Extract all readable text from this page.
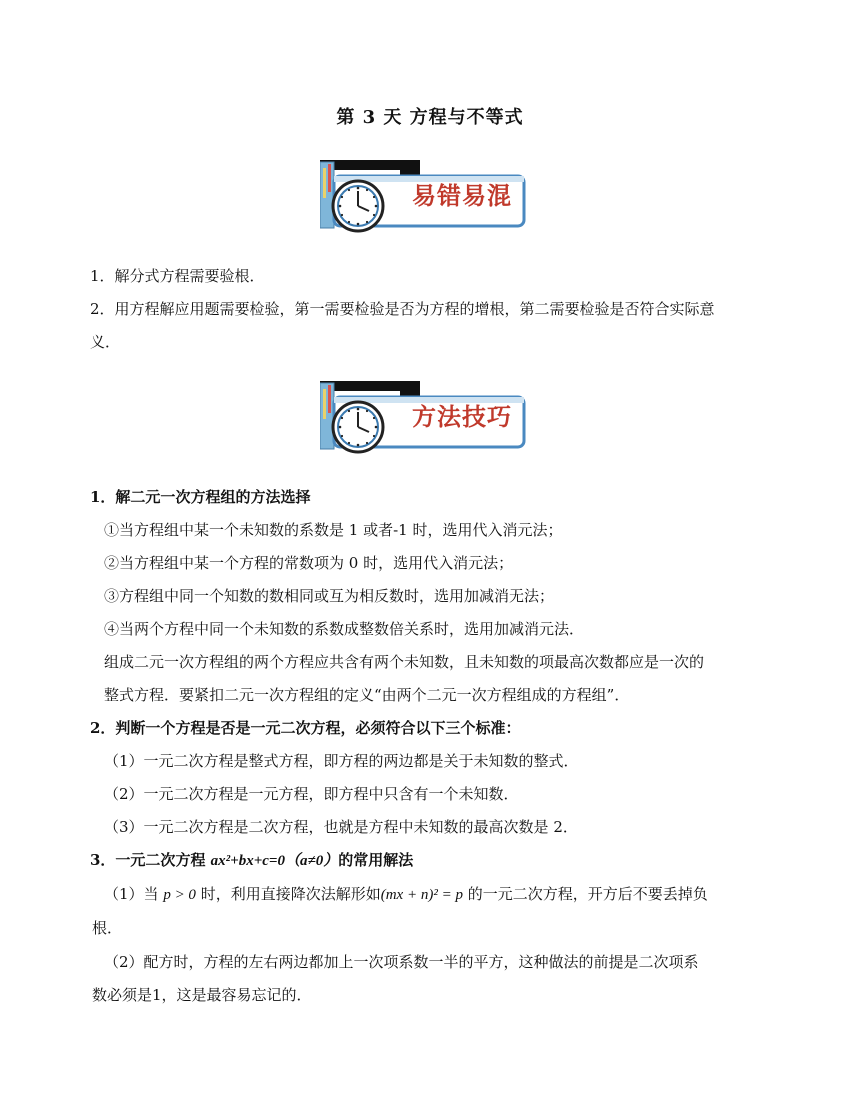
第 3 天 方程与不等式
易错易混
1．解分式方程需要验根．
2．用方程解应用题需要检验，第一需要检验是否为方程的增根，第二需要检验是否符合实际意
义．
方法技巧
1．解二元一次方程组的方法选择
①当方程组中某一个未知数的系数是 1 或者-1 时，选用代入消元法；
②当方程组中某一个方程的常数项为 0 时，选用代入消元法；
③方程组中同一个知数的数相同或互为相反数时，选用加减消无法；
④当两个方程中同一个未知数的系数成整数倍关系时，选用加减消元法．
组成二元一次方程组的两个方程应共含有两个未知数，且未知数的项最高次数都应是一次的
整式方程．要紧扣二元一次方程组的定义“由两个二元一次方程组成的方程组”．
2．判断一个方程是否是一元二次方程，必须符合以下三个标准：
（1）一元二次方程是整式方程，即方程的两边都是关于未知数的整式．
（2）一元二次方程是一元方程，即方程中只含有一个未知数．
（3）一元二次方程是二次方程，也就是方程中未知数的最高次数是 2．
3．一元二次方程 ax²+bx+c=0（a≠0）的常用解法
（1）当 p > 0 时，利用直接降次法解形如(mx + n)² = p 的一元二次方程，开方后不要丢掉负
根．
（2）配方时，方程的左右两边都加上一次项系数一半的平方，这种做法的前提是二次项系
数必须是1，这是最容易忘记的．
